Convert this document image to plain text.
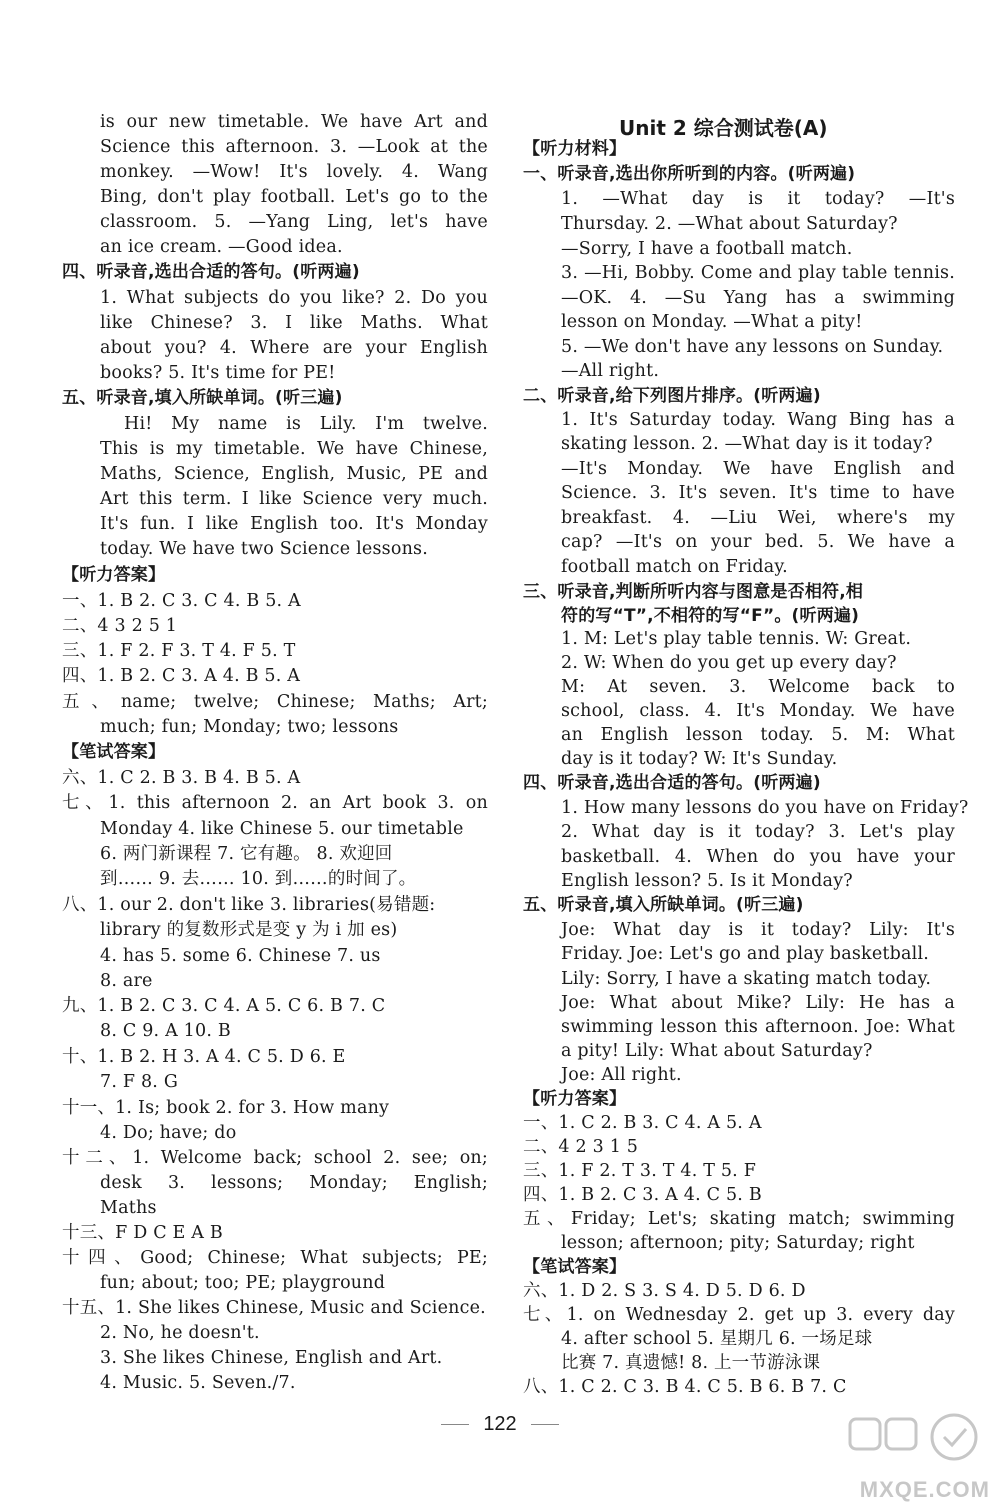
is our new timetable. We have Art and
Science this afternoon. 3. —Look at the
monkey. —Wow! It's lovely. 4. Wang
Bing, don't play football. Let's go to the
classroom. 5. —Yang Ling, let's have
an ice cream. —Good idea.
四、听录音,选出合适的答句。(听两遍)
1. What subjects do you like? 2. Do you
like Chinese? 3. I like Maths. What
about you? 4. Where are your English
books? 5. It's time for PE!
五、听录音,填入所缺单词。(听三遍)
Hi! My name is Lily. I'm twelve.
This is my timetable. We have Chinese,
Maths, Science, English, Music, PE and
Art this term. I like Science very much.
It's fun. I like English too. It's Monday
today. We have two Science lessons.
【听力答案】
一、1. B 2. C 3. C 4. B 5. A
二、4 3 2 5 1
三、1. F 2. F 3. T 4. F 5. T
四、1. B 2. C 3. A 4. B 5. A
五、name; twelve; Chinese; Maths; Art;
much; fun; Monday; two; lessons
【笔试答案】
六、1. C 2. B 3. B 4. B 5. A
七、1. this afternoon 2. an Art book 3. on
Monday 4. like Chinese 5. our timetable
6. 两门新课程 7. 它有趣。 8. 欢迎回
到…… 9. 去…… 10. 到……的时间了。
八、1. our 2. don't like 3. libraries(易错题:
library 的复数形式是变 y 为 i 加 es)
4. has 5. some 6. Chinese 7. us
8. are
九、1. B 2. C 3. C 4. A 5. C 6. B 7. C
8. C 9. A 10. B
十、1. B 2. H 3. A 4. C 5. D 6. E
7. F 8. G
十一、1. Is; book 2. for 3. How many
4. Do; have; do
十二、1. Welcome back; school 2. see; on;
desk 3. lessons; Monday; English;
Maths
十三、F D C E A B
十四、Good; Chinese; What subjects; PE;
fun; about; too; PE; playground
十五、1. She likes Chinese, Music and Science.
2. No, he doesn't.
3. She likes Chinese, English and Art.
4. Music. 5. Seven./7.
Unit 2 综合测试卷(A)
【听力材料】
一、听录音,选出你所听到的内容。(听两遍)
1. —What day is it today? —It's
Thursday. 2. —What about Saturday?
—Sorry, I have a football match.
3. —Hi, Bobby. Come and play table tennis.
—OK. 4. —Su Yang has a swimming
lesson on Monday. —What a pity!
5. —We don't have any lessons on Sunday.
—All right.
二、听录音,给下列图片排序。(听两遍)
1. It's Saturday today. Wang Bing has a
skating lesson. 2. —What day is it today?
—It's Monday. We have English and
Science. 3. It's seven. It's time to have
breakfast. 4. —Liu Wei, where's my
cap? —It's on your bed. 5. We have a
football match on Friday.
三、听录音,判断所听内容与图意是否相符,相
符的写“T”,不相符的写“F”。(听两遍)
1. M: Let's play table tennis. W: Great.
2. W: When do you get up every day?
M: At seven. 3. Welcome back to
school, class. 4. It's Monday. We have
an English lesson today. 5. M: What
day is it today? W: It's Sunday.
四、听录音,选出合适的答句。(听两遍)
1. How many lessons do you have on Friday?
2. What day is it today? 3. Let's play
basketball. 4. When do you have your
English lesson? 5. Is it Monday?
五、听录音,填入所缺单词。(听三遍)
Joe: What day is it today? Lily: It's
Friday. Joe: Let's go and play basketball.
Lily: Sorry, I have a skating match today.
Joe: What about Mike? Lily: He has a
swimming lesson this afternoon. Joe: What
a pity! Lily: What about Saturday?
Joe: All right.
【听力答案】
一、1. C 2. B 3. C 4. A 5. A
二、4 2 3 1 5
三、1. F 2. T 3. T 4. T 5. F
四、1. B 2. C 3. A 4. C 5. B
五、Friday; Let's; skating match; swimming
lesson; afternoon; pity; Saturday; right
【笔试答案】
六、1. D 2. S 3. S 4. D 5. D 6. D
七、1. on Wednesday 2. get up 3. every day
4. after school 5. 星期几 6. 一场足球
比赛 7. 真遗憾! 8. 上一节游泳课
八、1. C 2. C 3. B 4. C 5. B 6. B 7. C
122
MXQE.COM
